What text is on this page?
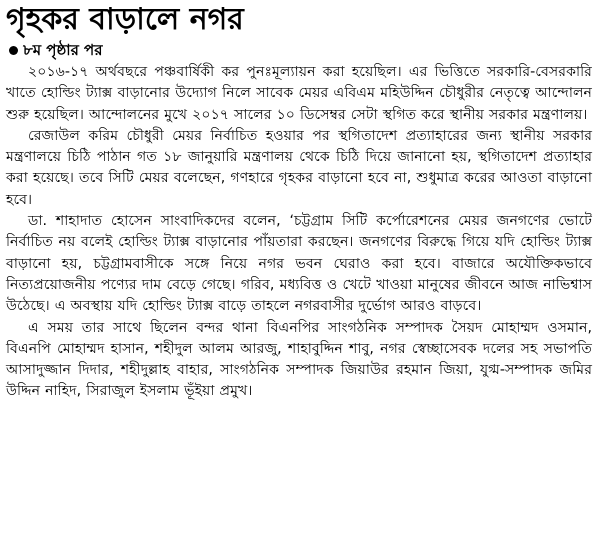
গৃহকর বাড়ালে নগর
৮ম পৃষ্ঠার পর

২০১৬-১৭ অর্থবছরে পঞ্চবার্ষিকী কর পুনঃমূল্যায়ন করা হয়েছিল। এর ভিত্তিতে সরকারি-বেসরকারি খাতে হোল্ডিং ট্যাক্স বাড়ানোর উদ্যোগ নিলে সাবেক মেয়র এবিএম মহিউদ্দিন চৌধুরীর নেতৃত্বে আন্দোলন শুরু হয়েছিল। আন্দোলনের মুখে ২০১৭ সালের ১০ ডিসেম্বর সেটা স্থগিত করে স্থানীয় সরকার মন্ত্রণালয়।

রেজাউল করিম চৌধুরী মেয়র নির্বাচিত হওয়ার পর স্থগিতাদেশ প্রত্যাহারের জন্য স্থানীয় সরকার মন্ত্রণালয়ে চিঠি পাঠান গত ১৮ জানুয়ারি মন্ত্রণালয় থেকে চিঠি দিয়ে জানানো হয়, স্থগিতাদেশ প্রত্যাহার করা হয়েছে। তবে সিটি মেয়র বলেছেন, গণহারে গৃহকর বাড়ানো হবে না, শুধুমাত্র করের আওতা বাড়ানো হবে।

ডা. শাহাদাত হোসেন সাংবাদিকদের বলেন, ‘চট্টগ্রাম সিটি কর্পোরেশনের মেয়র জনগণের ভোটে নির্বাচিত নয় বলেই হোল্ডিং ট্যাক্স বাড়ানোর পাঁয়তারা করছেন। জনগণের বিরুদ্ধে গিয়ে যদি হোল্ডিং ট্যাক্স বাড়ানো হয়, চট্টগ্রামবাসীকে সঙ্গে নিয়ে নগর ভবন ঘেরাও করা হবে। বাজারে অযৌক্তিকভাবে নিত্যপ্রয়োজনীয় পণ্যের দাম বেড়ে গেছে। গরিব, মধ্যবিত্ত ও খেটে খাওয়া মানুষের জীবনে আজ নাভিশ্বাস উঠেছে। এ অবস্থায় যদি হোল্ডিং ট্যাক্স বাড়ে তাহলে নগরবাসীর দুর্ভোগ আরও বাড়বে।

এ সময় তার সাথে ছিলেন বন্দর থানা বিএনপির সাংগঠনিক সম্পাদক সৈয়দ মোহাম্মদ ওসমান, বিএনপি মোহাম্মদ হাসান, শহীদুল আলম আরজু, শাহাবুদ্দিন শাবু, নগর স্বেচ্ছাসেবক দলের সহ সভাপতি আসাদুজ্জান দিদার, শহীদুল্লাহ বাহার, সাংগঠনিক সম্পাদক জিয়াউর রহমান জিয়া, যুগ্ম-সম্পাদক জমির উদ্দিন নাহিদ, সিরাজুল ইসলাম ভূঁইয়া প্রমুখ।
